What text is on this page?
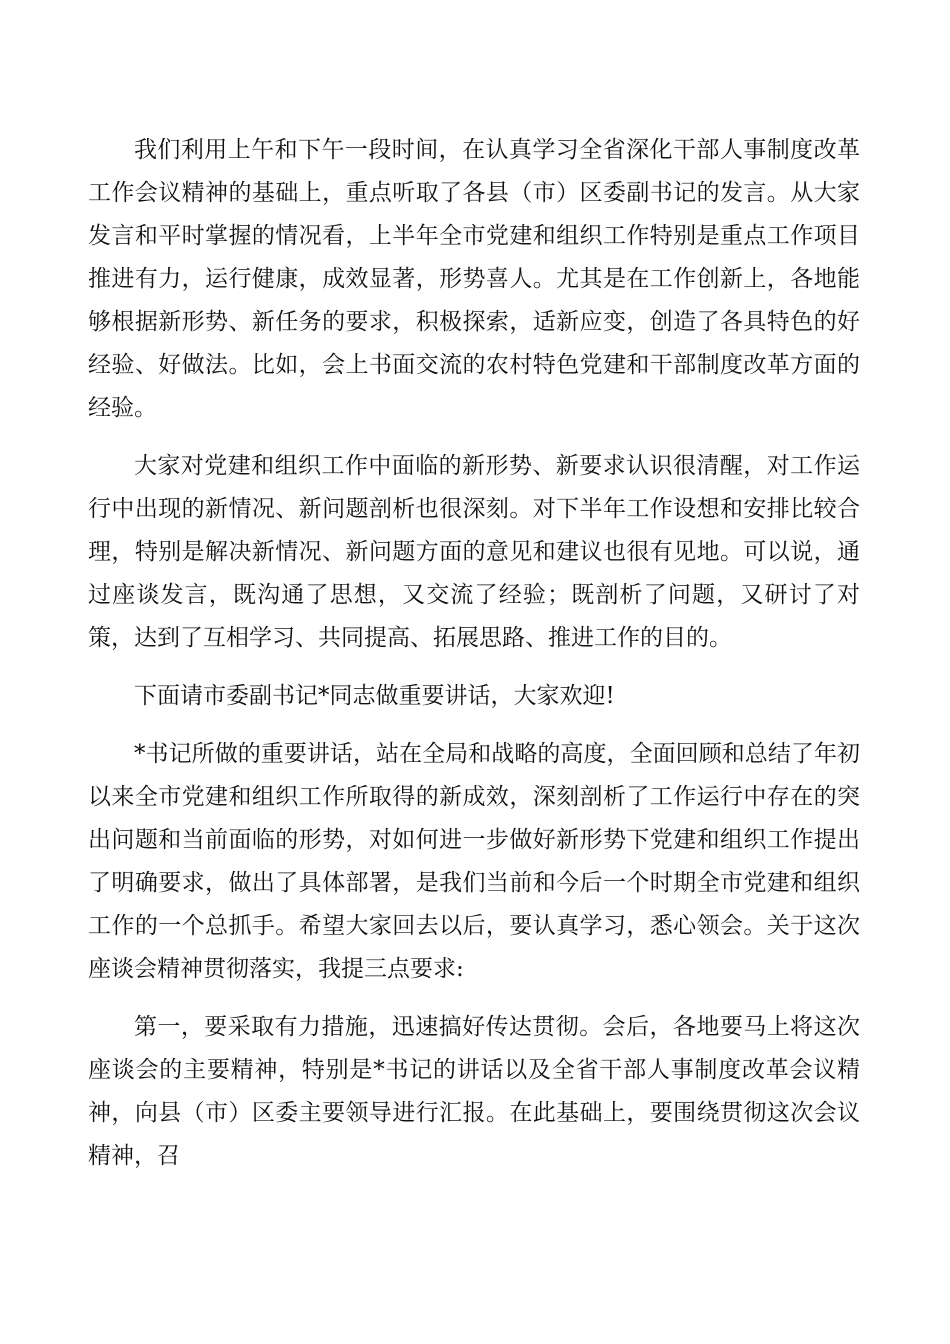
我们利用上午和下午一段时间，在认真学习全省深化干部人事制度改革工作会议精神的基础上，重点听取了各县（市）区委副书记的发言。从大家发言和平时掌握的情况看，上半年全市党建和组织工作特别是重点工作项目推进有力，运行健康，成效显著，形势喜人。尤其是在工作创新上，各地能够根据新形势、新任务的要求，积极探索，适新应变，创造了各具特色的好经验、好做法。比如，会上书面交流的农村特色党建和干部制度改革方面的经验。

大家对党建和组织工作中面临的新形势、新要求认识很清醒，对工作运行中出现的新情况、新问题剖析也很深刻。对下半年工作设想和安排比较合理，特别是解决新情况、新问题方面的意见和建议也很有见地。可以说，通过座谈发言，既沟通了思想，又交流了经验；既剖析了问题，又研讨了对策，达到了互相学习、共同提高、拓展思路、推进工作的目的。

下面请市委副书记*同志做重要讲话，大家欢迎!

*书记所做的重要讲话，站在全局和战略的高度，全面回顾和总结了年初以来全市党建和组织工作所取得的新成效，深刻剖析了工作运行中存在的突出问题和当前面临的形势，对如何进一步做好新形势下党建和组织工作提出了明确要求，做出了具体部署，是我们当前和今后一个时期全市党建和组织工作的一个总抓手。希望大家回去以后，要认真学习，悉心领会。关于这次座谈会精神贯彻落实，我提三点要求:

第一，要采取有力措施，迅速搞好传达贯彻。会后，各地要马上将这次座谈会的主要精神，特别是*书记的讲话以及全省干部人事制度改革会议精神，向县（市）区委主要领导进行汇报。在此基础上，要围绕贯彻这次会议精神，召
